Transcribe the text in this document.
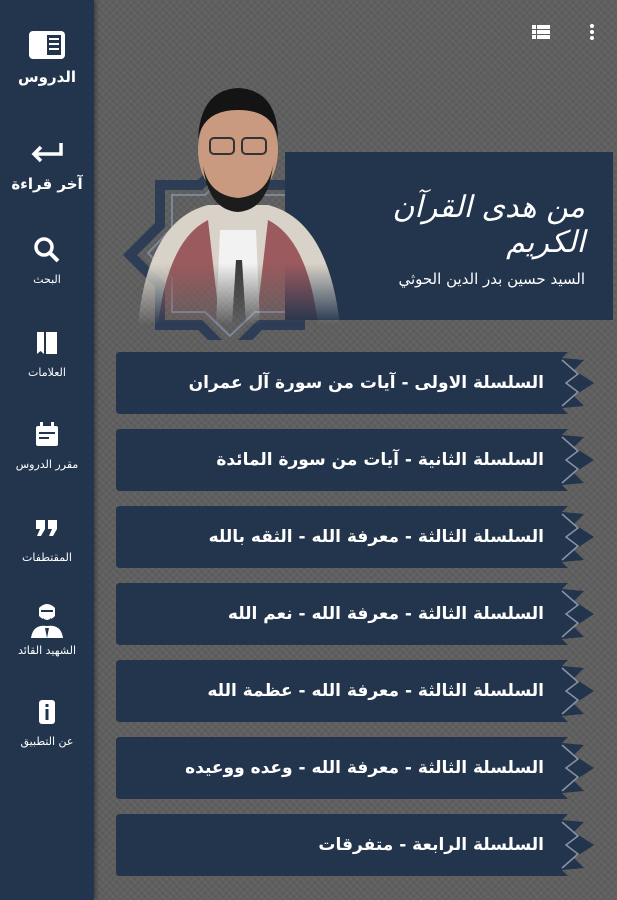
الدروس
آخر قراءة
البحث
العلامات
مقرر الدروس
المقتطفات
الشهيد القائد
عن التطبيق
من هدى القرآن الكريم
السيد حسين بدر الدين الحوثي
السلسلة الاولى - آيات من سورة آل عمران
السلسلة الثانية - آيات من سورة المائدة
السلسلة الثالثة - معرفة الله - الثقه بالله
السلسلة الثالثة - معرفة الله - نعم الله
السلسلة الثالثة - معرفة الله - عظمة الله
السلسلة الثالثة - معرفة الله - وعده ووعيده
السلسلة الرابعة - متفرقات
